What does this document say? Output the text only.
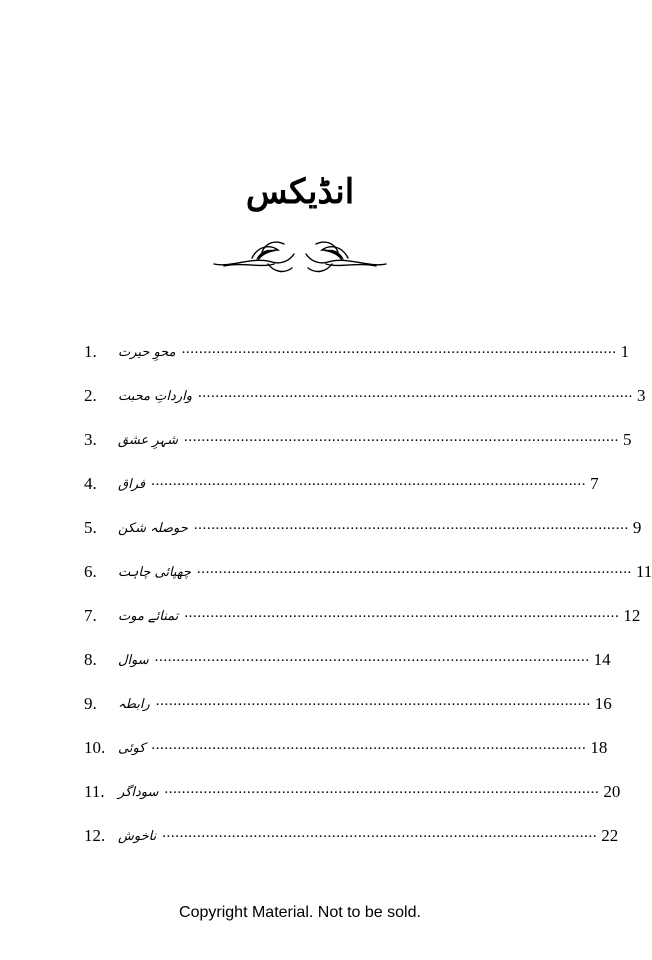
انڈیکس
1.	محوِ حیرت .................................................................................................... 1
2.	وارداتِ محبت .................................................................................................... 3
3.	شہرِ عشق .................................................................................................... 5
4.	فراق .................................................................................................... 7
5.	حوصلہ شکن .................................................................................................... 9
6.	چھپائی چاہت .................................................................................................... 11
7.	تمنائے موت .................................................................................................... 12
8.	سوال .................................................................................................... 14
9.	رابطہ .................................................................................................... 16
10. کوئی .................................................................................................... 18
11.	سوداگر .................................................................................................... 20
12. ناخوش .................................................................................................... 22
Copyright Material. Not to be sold.
